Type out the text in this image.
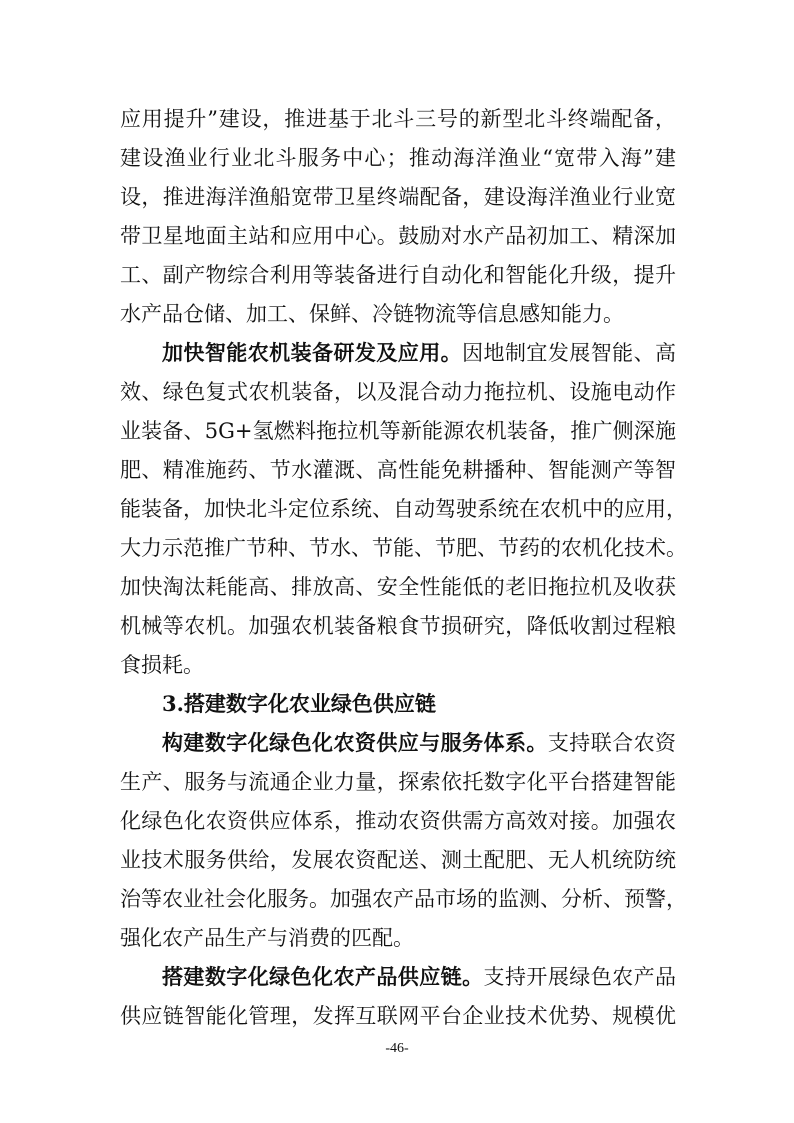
应用提升”建设，推进基于北斗三号的新型北斗终端配备，
建设渔业行业北斗服务中心；推动海洋渔业“宽带入海”建
设，推进海洋渔船宽带卫星终端配备，建设海洋渔业行业宽
带卫星地面主站和应用中心。鼓励对水产品初加工、精深加
工、副产物综合利用等装备进行自动化和智能化升级，提升
水产品仓储、加工、保鲜、冷链物流等信息感知能力。
加快智能农机装备研发及应用。因地制宜发展智能、高
效、绿色复式农机装备，以及混合动力拖拉机、设施电动作
业装备、5G+氢燃料拖拉机等新能源农机装备，推广侧深施
肥、精准施药、节水灌溉、高性能免耕播种、智能测产等智
能装备，加快北斗定位系统、自动驾驶系统在农机中的应用，
大力示范推广节种、节水、节能、节肥、节药的农机化技术。
加快淘汰耗能高、排放高、安全性能低的老旧拖拉机及收获
机械等农机。加强农机装备粮食节损研究，降低收割过程粮
食损耗。
3.搭建数字化农业绿色供应链
构建数字化绿色化农资供应与服务体系。支持联合农资
生产、服务与流通企业力量，探索依托数字化平台搭建智能
化绿色化农资供应体系，推动农资供需方高效对接。加强农
业技术服务供给，发展农资配送、测土配肥、无人机统防统
治等农业社会化服务。加强农产品市场的监测、分析、预警，
强化农产品生产与消费的匹配。
搭建数字化绿色化农产品供应链。支持开展绿色农产品
供应链智能化管理，发挥互联网平台企业技术优势、规模优
-46-
